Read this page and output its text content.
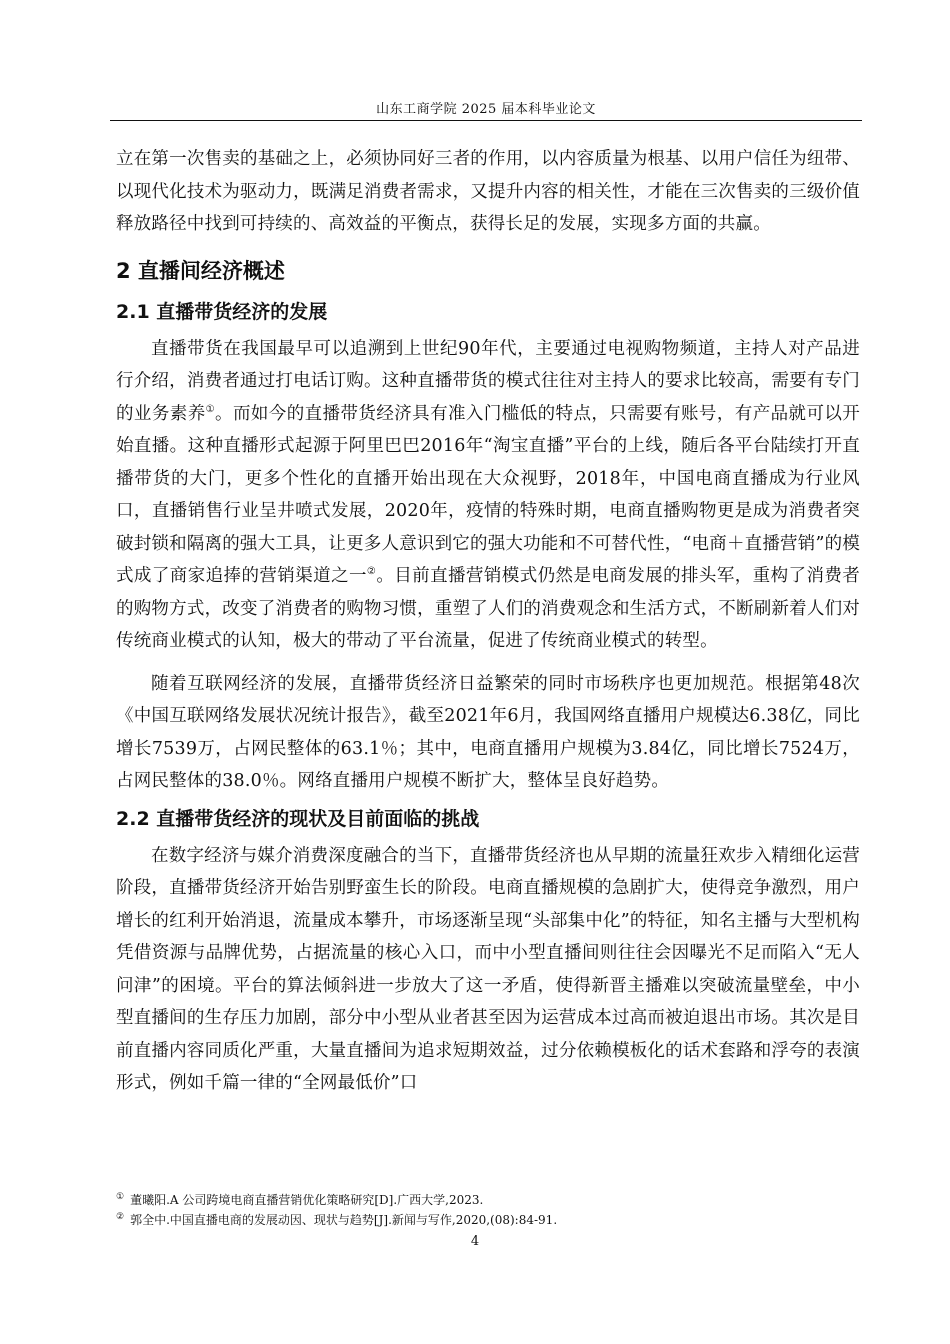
山东工商学院 2025 届本科毕业论文

立在第一次售卖的基础之上，必须协同好三者的作用，以内容质量为根基、以用户信任为纽带、以现代化技术为驱动力，既满足消费者需求，又提升内容的相关性，才能在三次售卖的三级价值释放路径中找到可持续的、高效益的平衡点，获得长足的发展，实现多方面的共赢。

2 直播间经济概述
2.1 直播带货经济的发展

直播带货在我国最早可以追溯到上世纪90年代，主要通过电视购物频道，主持人对产品进行介绍，消费者通过打电话订购。这种直播带货的模式往往对主持人的要求比较高，需要有专门的业务素养①。而如今的直播带货经济具有准入门槛低的特点，只需要有账号，有产品就可以开始直播。这种直播形式起源于阿里巴巴2016年“淘宝直播”平台的上线，随后各平台陆续打开直播带货的大门，更多个性化的直播开始出现在大众视野，2018年，中国电商直播成为行业风口，直播销售行业呈井喷式发展，2020年，疫情的特殊时期，电商直播购物更是成为消费者突破封锁和隔离的强大工具，让更多人意识到它的强大功能和不可替代性，“电商＋直播营销”的模式成了商家追捧的营销渠道之一②。目前直播营销模式仍然是电商发展的排头军，重构了消费者的购物方式，改变了消费者的购物习惯，重塑了人们的消费观念和生活方式，不断刷新着人们对传统商业模式的认知，极大的带动了平台流量，促进了传统商业模式的转型。

随着互联网经济的发展，直播带货经济日益繁荣的同时市场秩序也更加规范。根据第48次《中国互联网络发展状况统计报告》，截至2021年6月，我国网络直播用户规模达6.38亿，同比增长7539万，占网民整体的63.1％；其中，电商直播用户规模为3.84亿，同比增长7524万，占网民整体的38.0％。网络直播用户规模不断扩大，整体呈良好趋势。

2.2 直播带货经济的现状及目前面临的挑战

在数字经济与媒介消费深度融合的当下，直播带货经济也从早期的流量狂欢步入精细化运营阶段，直播带货经济开始告别野蛮生长的阶段。电商直播规模的急剧扩大，使得竞争激烈，用户增长的红利开始消退，流量成本攀升，市场逐渐呈现“头部集中化”的特征，知名主播与大型机构凭借资源与品牌优势，占据流量的核心入口，而中小型直播间则往往会因曝光不足而陷入“无人问津”的困境。平台的算法倾斜进一步放大了这一矛盾，使得新晋主播难以突破流量壁垒，中小型直播间的生存压力加剧，部分中小型从业者甚至因为运营成本过高而被迫退出市场。其次是目前直播内容同质化严重，大量直播间为追求短期效益，过分依赖模板化的话术套路和浮夸的表演形式，例如千篇一律的“全网最低价”口

① 董曦阳.A 公司跨境电商直播营销优化策略研究[D].广西大学,2023.

② 郭全中.中国直播电商的发展动因、现状与趋势[J].新闻与写作,2020,(08):84-91.

4
